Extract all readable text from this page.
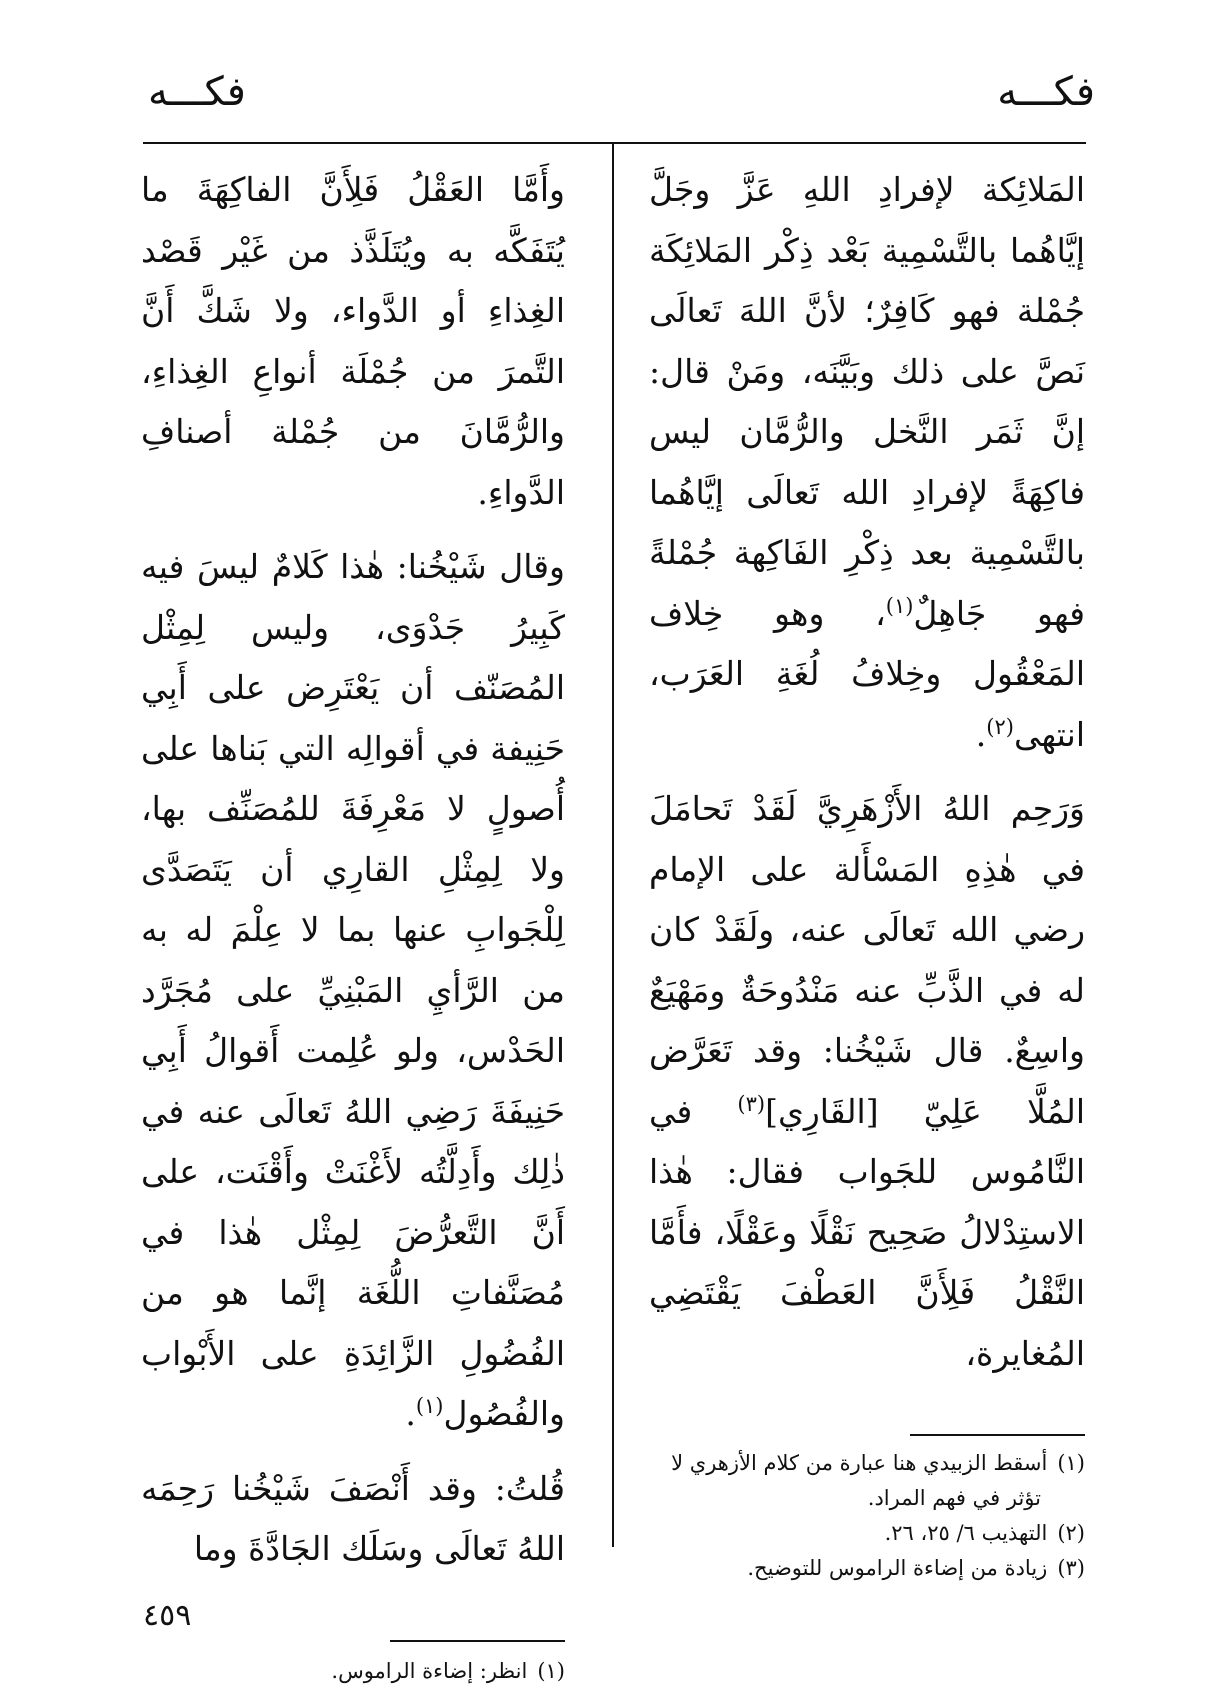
فكـــه
فكـــه

المَلائِكة لإفرادِ اللهِ عَزَّ وجَلَّ إيَّاهُما بالتَّسْمِية بَعْد ذِكْر المَلائِكَة جُمْلة فهو كَافِرٌ؛ لأنَّ اللهَ تَعالَى نَصَّ على ذلك وبَيَّنَه، ومَنْ قال: إنَّ ثَمَر النَّخل والرُّمَّان ليس فاكِهَةً لإفرادِ الله تَعالَى إيَّاهُما بالتَّسْمِية بعد ذِكْرِ الفَاكِهة جُمْلةً فهو جَاهِلٌ$^{(١)}$، وهو خِلاف المَعْقُول وخِلافُ لُغَةِ العَرَب، انتهى$^{(٢)}$.

وَرَحِم اللهُ الأَزْهَرِيَّ لَقَدْ تَحامَلَ في هٰذِهِ المَسْأَلة على الإمام رضي الله تَعالَى عنه، ولَقَدْ كان له في الذَّبِّ عنه مَنْدُوحَةٌ ومَهْيَعٌ واسِعٌ. قال شَيْخُنا: وقد تَعَرَّض المُلَّا عَلِيّ [القَارِي]$^{(٣)}$ في النَّامُوس للجَواب فقال: هٰذا الاستِدْلالُ صَحِيح نَقْلًا وعَقْلًا، فأَمَّا النَّقْلُ فَلِأَنَّ العَطْفَ يَقْتَضِي المُغايرة،

(١)أسقط الزبيدي هنا عبارة من كلام الأزهري لا

تؤثر في فهم المراد.

(٢)التهذيب ٦/ ٢٥، ٢٦.

(٣)زيادة من إضاءة الراموس للتوضيح.

وأَمَّا العَقْلُ فَلِأَنَّ الفاكِهَةَ ما يُتَفَكَّه به ويُتَلَذَّذ من غَيْر قَصْد الغِذاءِ أو الدَّواء، ولا شَكَّ أَنَّ التَّمرَ من جُمْلَة أنواعِ الغِذاءِ، والرُّمَّانَ من جُمْلة أصنافِ الدَّواءِ.

وقال شَيْخُنا: هٰذا كَلامٌ ليسَ فيه كَبِيرُ جَدْوَى، وليس لِمِثْل المُصَنّف أن يَعْتَرِض على أَبِي حَنِيفة في أقوالِه التي بَناها على أُصولٍ لا مَعْرِفَةَ للمُصَنِّف بها، ولا لِمِثْلِ القارِي أن يَتَصَدَّى لِلْجَوابِ عنها بما لا عِلْمَ له به من الرَّأيِ المَبْنِيِّ على مُجَرَّد الحَدْس، ولو عُلِمت أَقوالُ أَبِي حَنِيفَةَ رَضِي اللهُ تَعالَى عنه في ذٰلِك وأَدِلَّتُه لأَغْنَتْ وأَقْنَت، على أَنَّ التَّعرُّضَ لِمِثْل هٰذا في مُصَنَّفاتِ اللُّغَة إنَّما هو من الفُضُولِ الزَّائِدَةِ على الأَبْواب والفُصُول$^{(١)}$.

قُلتُ: وقد أَنْصَفَ شَيْخُنا رَحِمَه اللهُ تَعالَى وسَلَك الجَادَّةَ وما

(١)انظر: إضاءة الراموس.

٤٥٩
